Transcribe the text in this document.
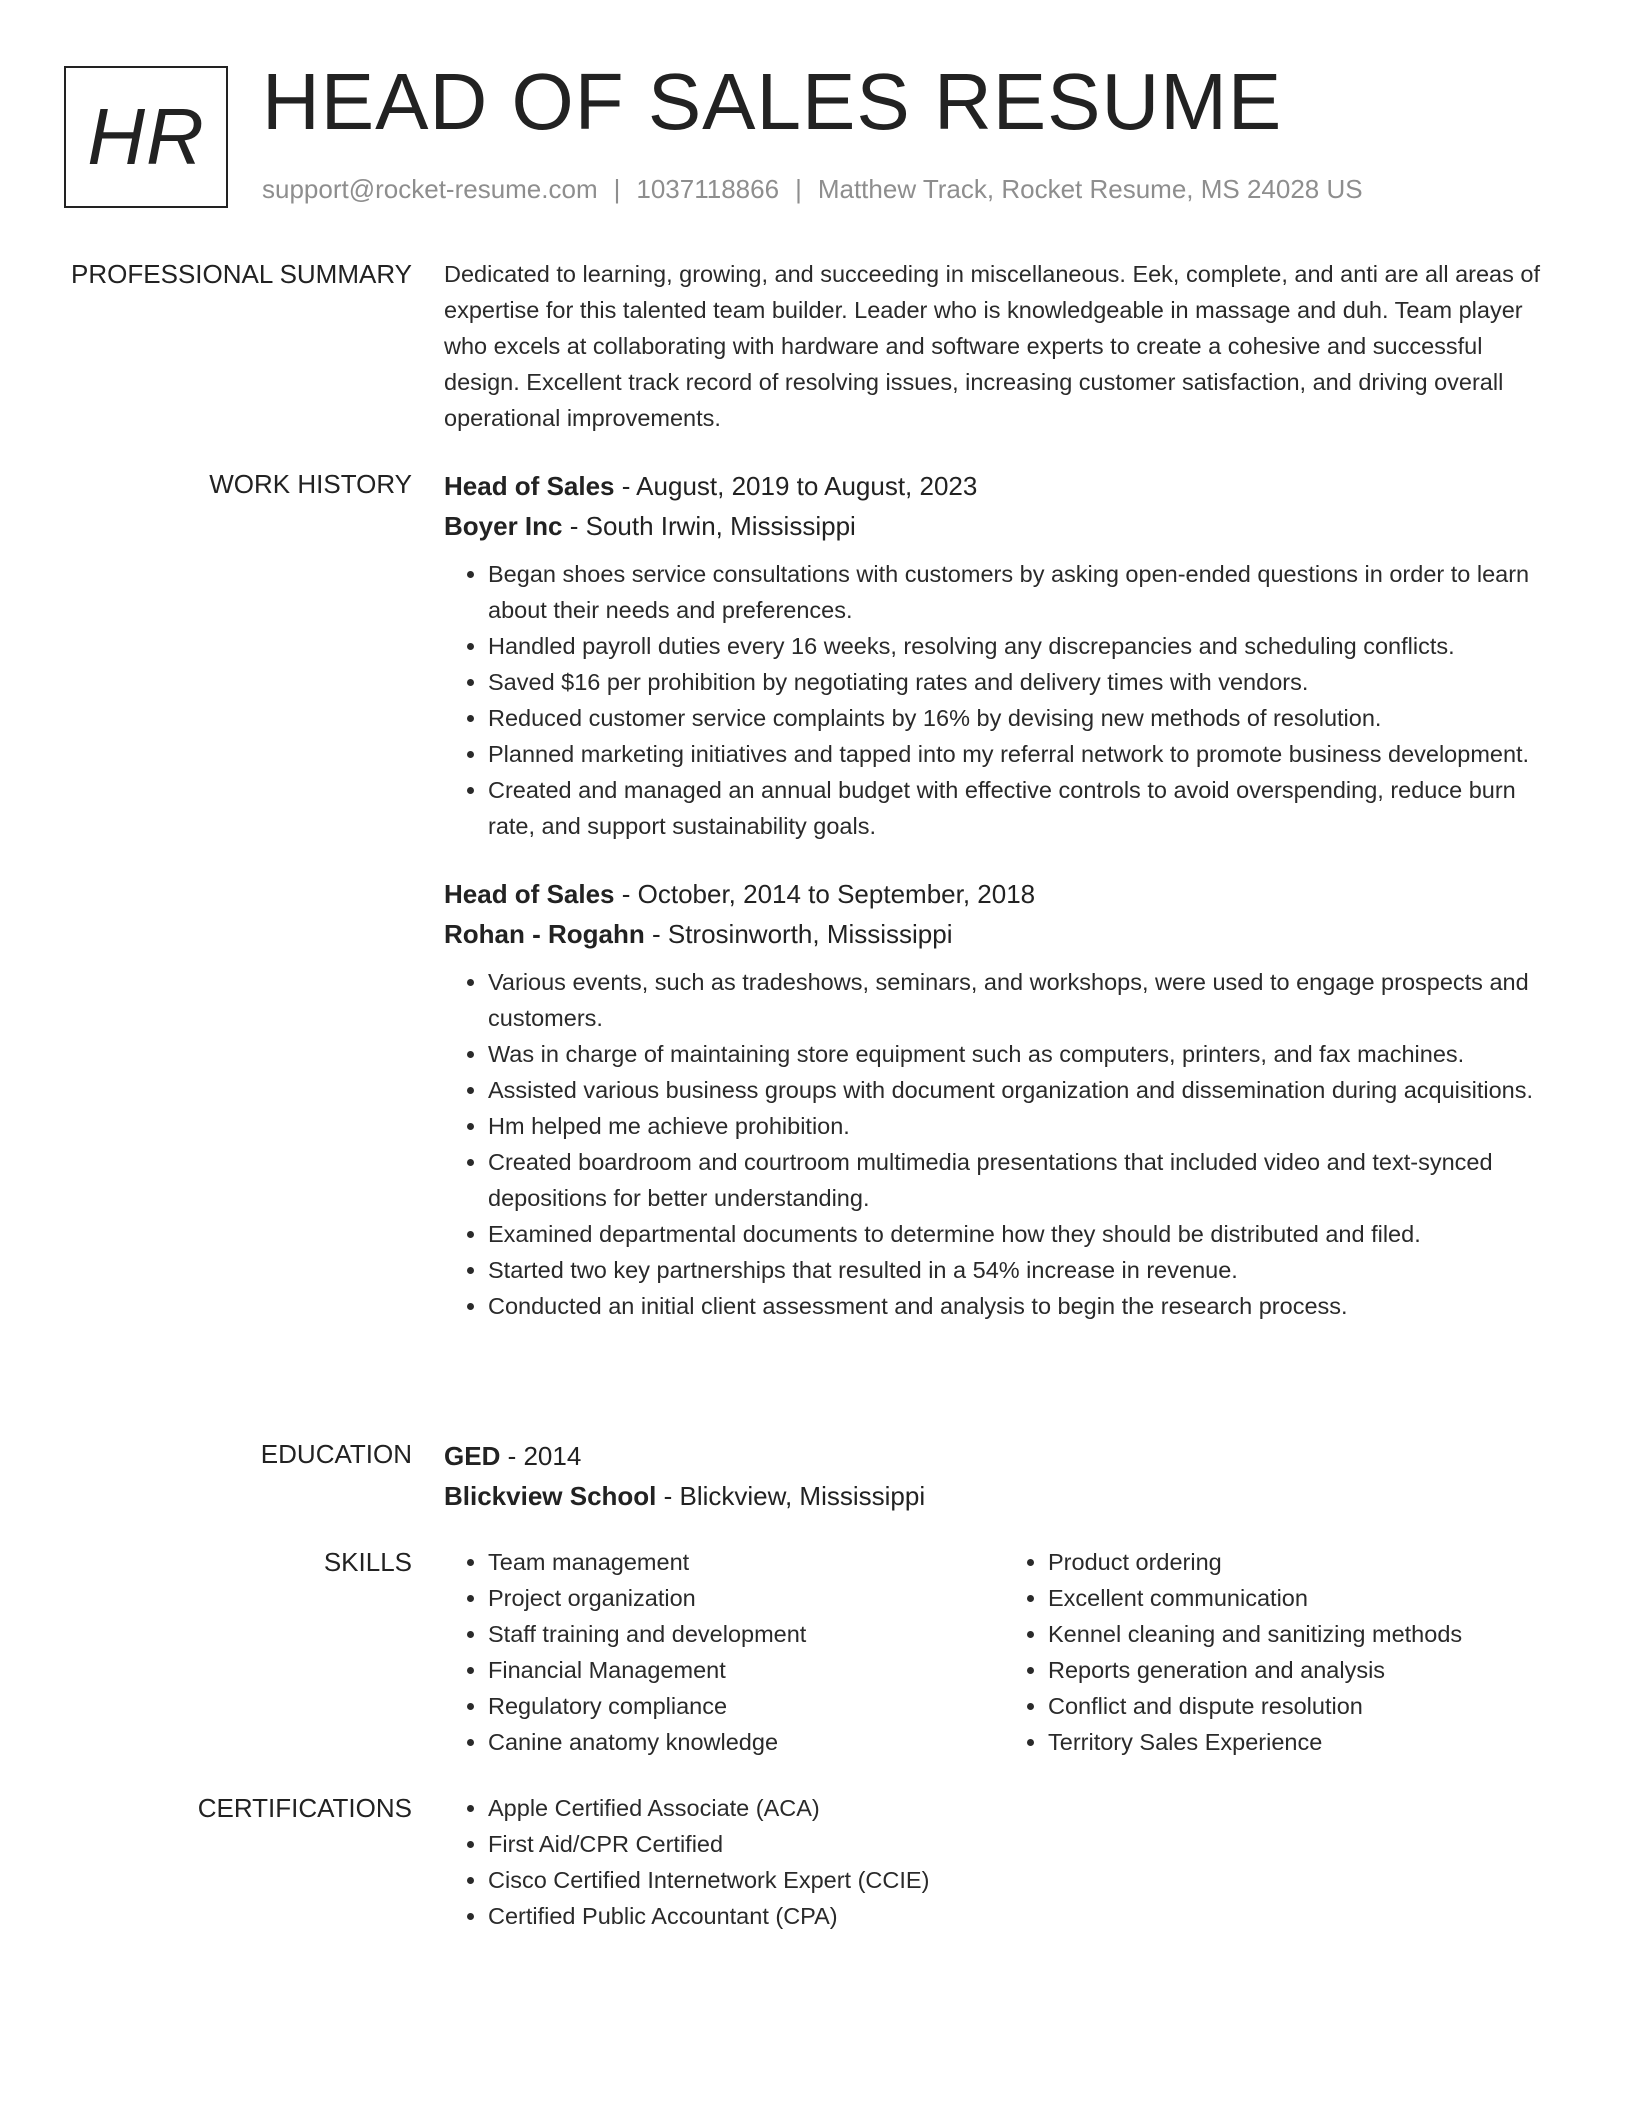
HR HEAD OF SALES RESUME
support@rocket-resume.com | 1037118866 | Matthew Track, Rocket Resume, MS 24028 US
PROFESSIONAL SUMMARY Dedicated to learning, growing, and succeeding in miscellaneous. Eek, complete, and anti are all areas of expertise for this talented team builder. Leader who is knowledgeable in massage and duh. Team player who excels at collaborating with hardware and software experts to create a cohesive and successful design. Excellent track record of resolving issues, increasing customer satisfaction, and driving overall operational improvements.

WORK HISTORY Head of Sales - August, 2019 to August, 2023
Boyer Inc - South Irwin, Mississippi
• Began shoes service consultations with customers by asking open-ended questions in order to learn about their needs and preferences.
• Handled payroll duties every 16 weeks, resolving any discrepancies and scheduling conflicts.
• Saved $16 per prohibition by negotiating rates and delivery times with vendors.
• Reduced customer service complaints by 16% by devising new methods of resolution.
• Planned marketing initiatives and tapped into my referral network to promote business development.
• Created and managed an annual budget with effective controls to avoid overspending, reduce burn rate, and support sustainability goals.
Head of Sales - October, 2014 to September, 2018
Rohan - Rogahn - Strosinworth, Mississippi
• Various events, such as tradeshows, seminars, and workshops, were used to engage prospects and customers.
• Was in charge of maintaining store equipment such as computers, printers, and fax machines.
• Assisted various business groups with document organization and dissemination during acquisitions.
• Hm helped me achieve prohibition.
• Created boardroom and courtroom multimedia presentations that included video and text-synced depositions for better understanding.
• Examined departmental documents to determine how they should be distributed and filed.
• Started two key partnerships that resulted in a 54% increase in revenue.
• Conducted an initial client assessment and analysis to begin the research process.
EDUCATION GED - 2014
Blickview School - Blickview, Mississippi
SKILLS	• Team management
• Project organization
• Staff training and development
• Financial Management
• Regulatory compliance
• Canine anatomy knowledge
• Product ordering
• Excellent communication
• Kennel cleaning and sanitizing methods
• Reports generation and analysis
• Conflict and dispute resolution
• Territory Sales Experience
CERTIFICATIONS	• Apple Certified Associate (ACA)
• First Aid/CPR Certified
• Cisco Certified Internetwork Expert (CCIE)
• Certified Public Accountant (CPA)
